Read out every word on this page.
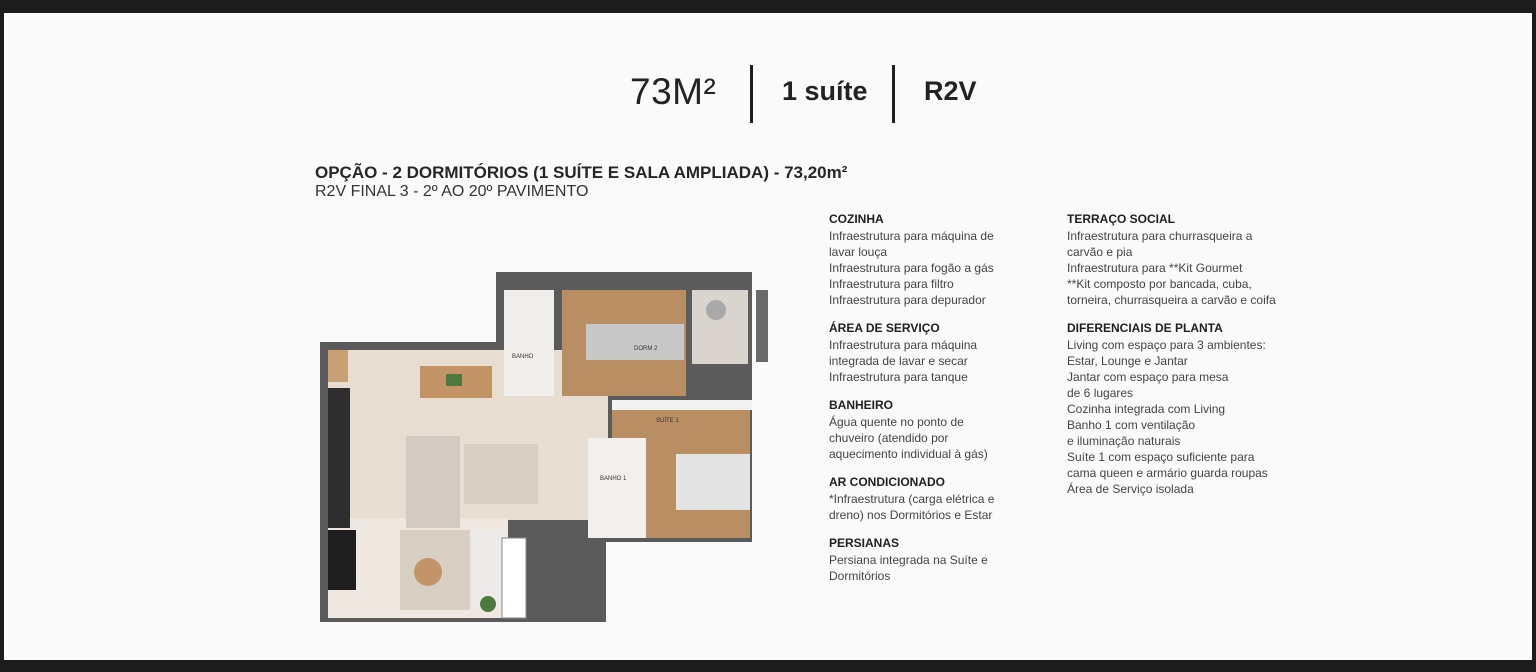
73M² 1 suíte R2V
OPÇÃO - 2 DORMITÓRIOS (1 SUÍTE E SALA AMPLIADA) - 73,20m²
R2V FINAL 3 - 2º AO 20º PAVIMENTO
DORM 2
BANHO
SUÍTE 1
BANHO 1
COZINHA
Infraestrutura para máquina de
lavar louça
Infraestrutura para fogão a gás
Infraestrutura para filtro
Infraestrutura para depurador
ÁREA DE SERVIÇO
Infraestrutura para máquina
integrada de lavar e secar
Infraestrutura para tanque
BANHEIRO
Água quente no ponto de
chuveiro (atendido por
aquecimento individual à gás)
AR CONDICIONADO
*Infraestrutura (carga elétrica e
dreno) nos Dormitórios e Estar
PERSIANAS
Persiana integrada na Suíte e
Dormitórios
TERRAÇO SOCIAL
Infraestrutura para churrasqueira a
carvão e pia
Infraestrutura para **Kit Gourmet
**Kit composto por bancada, cuba,
torneira, churrasqueira a carvão e coifa
DIFERENCIAIS DE PLANTA
Living com espaço para 3 ambientes:
Estar, Lounge e Jantar
Jantar com espaço para mesa
de 6 lugares
Cozinha integrada com Living
Banho 1 com ventilação
e iluminação naturais
Suíte 1 com espaço suficiente para
cama queen e armário guarda roupas
Área de Serviço isolada
